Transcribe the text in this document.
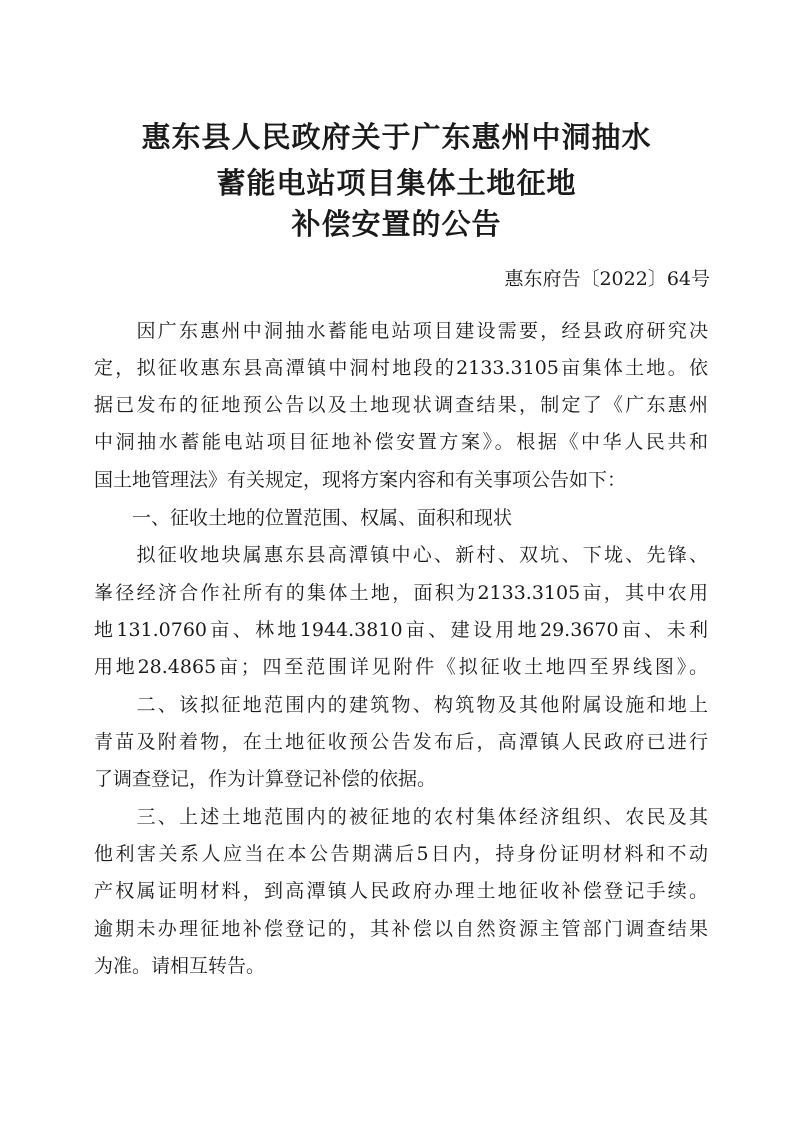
惠东县人民政府关于广东惠州中洞抽水
蓄能电站项目集体土地征地
补偿安置的公告
惠东府告〔2022〕64号
　　因广东惠州中洞抽水蓄能电站项目建设需要，经县政府研究决
定，拟征收惠东县高潭镇中洞村地段的2133.3105亩集体土地。依
据已发布的征地预公告以及土地现状调查结果，制定了《广东惠州
中洞抽水蓄能电站项目征地补偿安置方案》。根据《中华人民共和
国土地管理法》有关规定，现将方案内容和有关事项公告如下：
　　一、征收土地的位置范围、权属、面积和现状
　　拟征收地块属惠东县高潭镇中心、新村、双坑、下垅、先锋、
峯径经济合作社所有的集体土地，面积为2133.3105亩，其中农用
地131.0760亩、林地1944.3810亩、建设用地29.3670亩、未利
用地28.4865亩；四至范围详见附件《拟征收土地四至界线图》。
　　二、该拟征地范围内的建筑物、构筑物及其他附属设施和地上
青苗及附着物，在土地征收预公告发布后，高潭镇人民政府已进行
了调查登记，作为计算登记补偿的依据。
　　三、上述土地范围内的被征地的农村集体经济组织、农民及其
他利害关系人应当在本公告期满后5日内，持身份证明材料和不动
产权属证明材料，到高潭镇人民政府办理土地征收补偿登记手续。
逾期未办理征地补偿登记的，其补偿以自然资源主管部门调查结果
为准。请相互转告。
